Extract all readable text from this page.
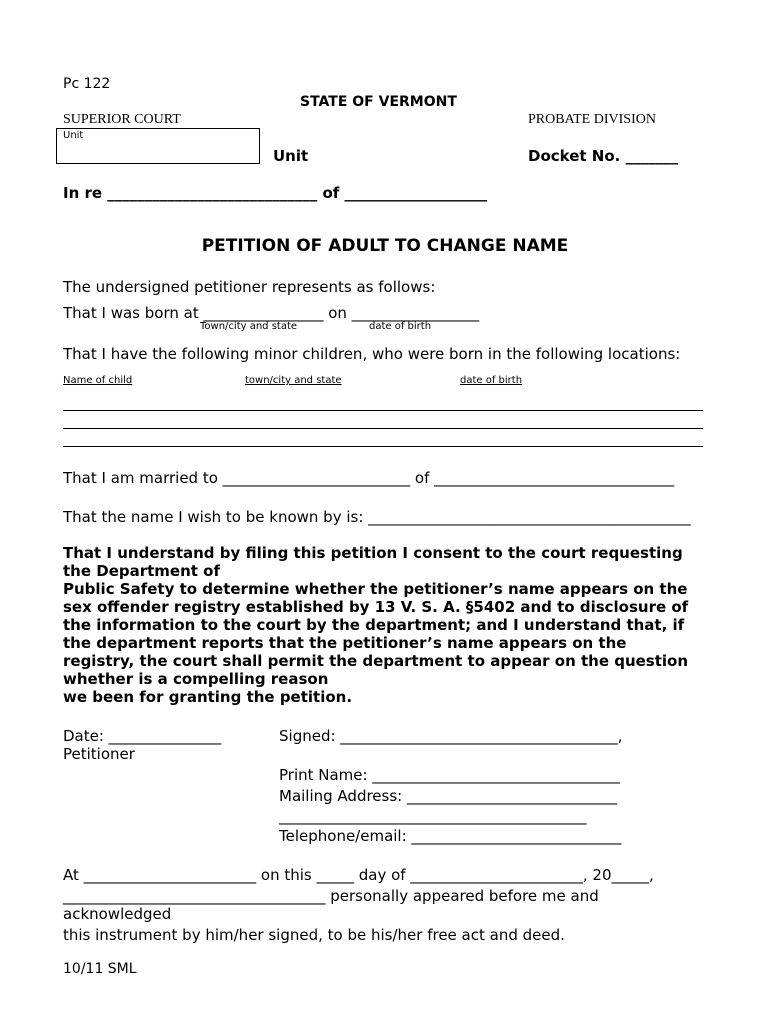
Pc 122
STATE OF VERMONT
SUPERIOR COURT	PROBATE DIVISION
Unit
Unit	Docket No. _______
In re ____________________________ of ___________________
PETITION OF ADULT TO CHANGE NAME
The undersigned petitioner represents as follows:
That I was born at ________________ on _________________
Town/city and state	date of birth
That I have the following minor children, who were born in the following locations:
Name of child	town/city and state	date of birth
That I am married to _________________________ of ________________________________
That the name I wish to be known by is: ___________________________________________
That I understand by filing this petition I consent to the court requesting
the Department of
Public Safety to determine whether the petitioner’s name appears on the
sex offender registry established by 13 V. S. A. §5402 and to disclosure of
the information to the court by the department; and I understand that, if
the department reports that the petitioner’s name appears on the
registry, the court shall permit the department to appear on the question
whether is a compelling reason
we been for granting the petition.
Date: _______________
Petitioner
Signed: _____________________________________,
Print Name: _________________________________
Mailing Address: ____________________________
_________________________________________
Telephone/email: ____________________________
At _______________________ on this _____ day of _______________________, 20_____,
___________________________________ personally appeared before me and
acknowledged
this instrument by him/her signed, to be his/her free act and deed.
10/11 SML
